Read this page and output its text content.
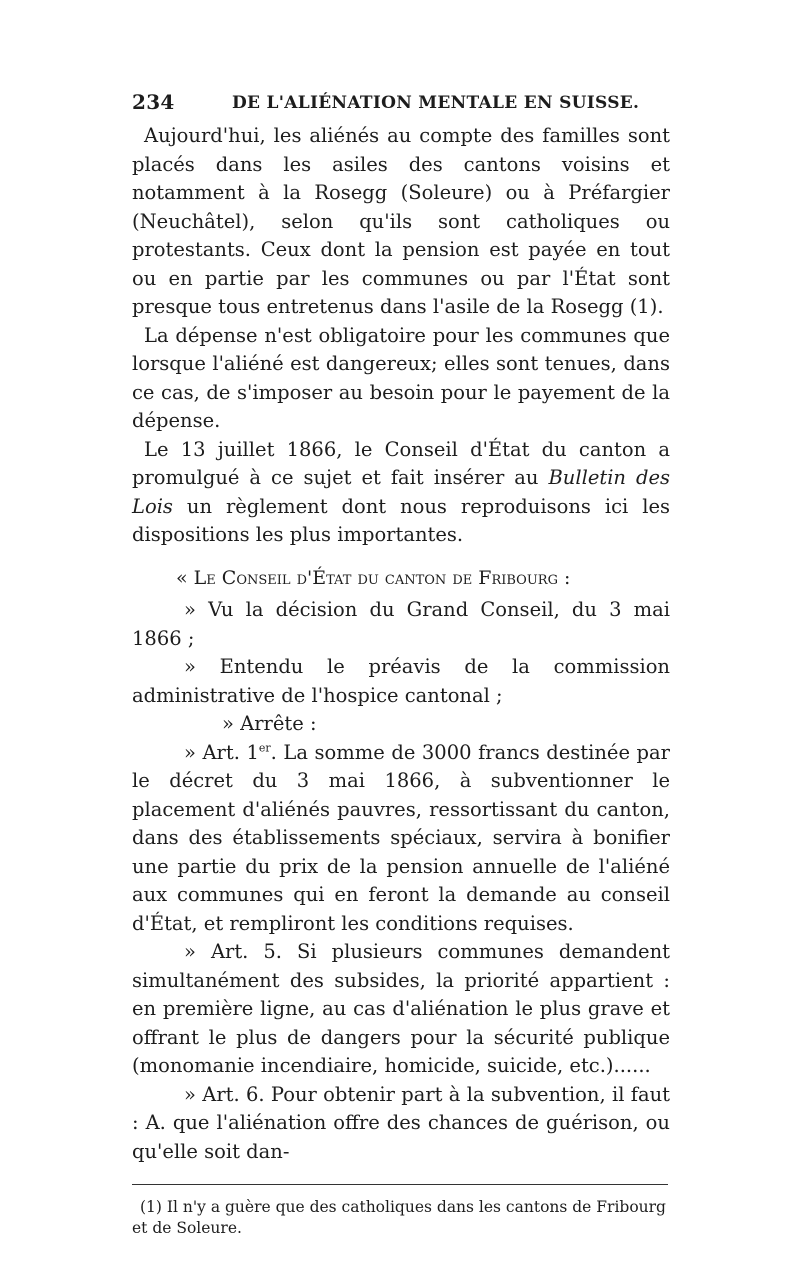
234	DE L'ALIÉNATION MENTALE EN SUISSE.

Aujourd'hui, les aliénés au compte des familles sont placés dans les asiles des cantons voisins et notamment à la Rosegg (Soleure) ou à Préfargier (Neuchâtel), selon qu'ils sont catholiques ou protestants. Ceux dont la pension est payée en tout ou en partie par les communes ou par l'État sont presque tous entretenus dans l'asile de la Rosegg (1).

La dépense n'est obligatoire pour les communes que lorsque l'aliéné est dangereux; elles sont tenues, dans ce cas, de s'imposer au besoin pour le payement de la dépense.

Le 13 juillet 1866, le Conseil d'État du canton a promulgué à ce sujet et fait insérer au Bulletin des Lois un règlement dont nous reproduisons ici les dispositions les plus importantes.

« Le Conseil d'État du canton de Fribourg :

» Vu la décision du Grand Conseil, du 3 mai 1866 ;

» Entendu le préavis de la commission administrative de l'hospice cantonal ;

» Arrête :

» Art. 1er. La somme de 3000 francs destinée par le décret du 3 mai 1866, à subventionner le placement d'aliénés pauvres, ressortissant du canton, dans des établissements spéciaux, servira à bonifier une partie du prix de la pension annuelle de l'aliéné aux communes qui en feront la demande au conseil d'État, et rempliront les conditions requises.

» Art. 5. Si plusieurs communes demandent simultanément des subsides, la priorité appartient : en première ligne, au cas d'aliénation le plus grave et offrant le plus de dangers pour la sécurité publique (monomanie incendiaire, homicide, suicide, etc.)......

» Art. 6. Pour obtenir part à la subvention, il faut : A. que l'aliénation offre des chances de guérison, ou qu'elle soit dan-

(1) Il n'y a guère que des catholiques dans les cantons de Fribourg et de Soleure.
